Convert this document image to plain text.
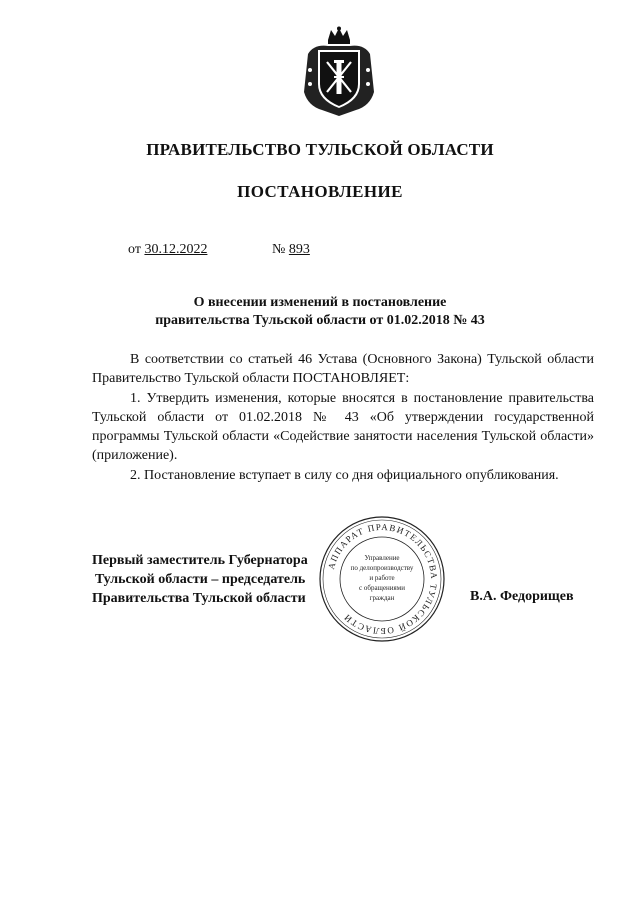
ПРАВИТЕЛЬСТВО ТУЛЬСКОЙ ОБЛАСТИ
ПОСТАНОВЛЕНИЕ
от 30.12.2022	№ 893
О внесении изменений в постановление
правительства Тульской области от 01.02.2018 № 43

В соответствии со статьей 46 Устава (Основного Закона) Тульской области Правительство Тульской области ПОСТАНОВЛЯЕТ:

1. Утвердить изменения, которые вносятся в постановление правительства Тульской области от 01.02.2018 № 43 «Об утверждении государственной программы Тульской области «Содействие занятости населения Тульской области» (приложение).

2. Постановление вступает в силу со дня официального опубликования.

Первый заместитель Губернатора
Тульской области – председатель
Правительства Тульской области	В.А. Федорищев
АППАРАТ ПРАВИТЕЛЬСТВА ТУЛЬСКОЙ ОБЛАСТИ
Управление
по делопроизводству
и работе
с обращениями
граждан
